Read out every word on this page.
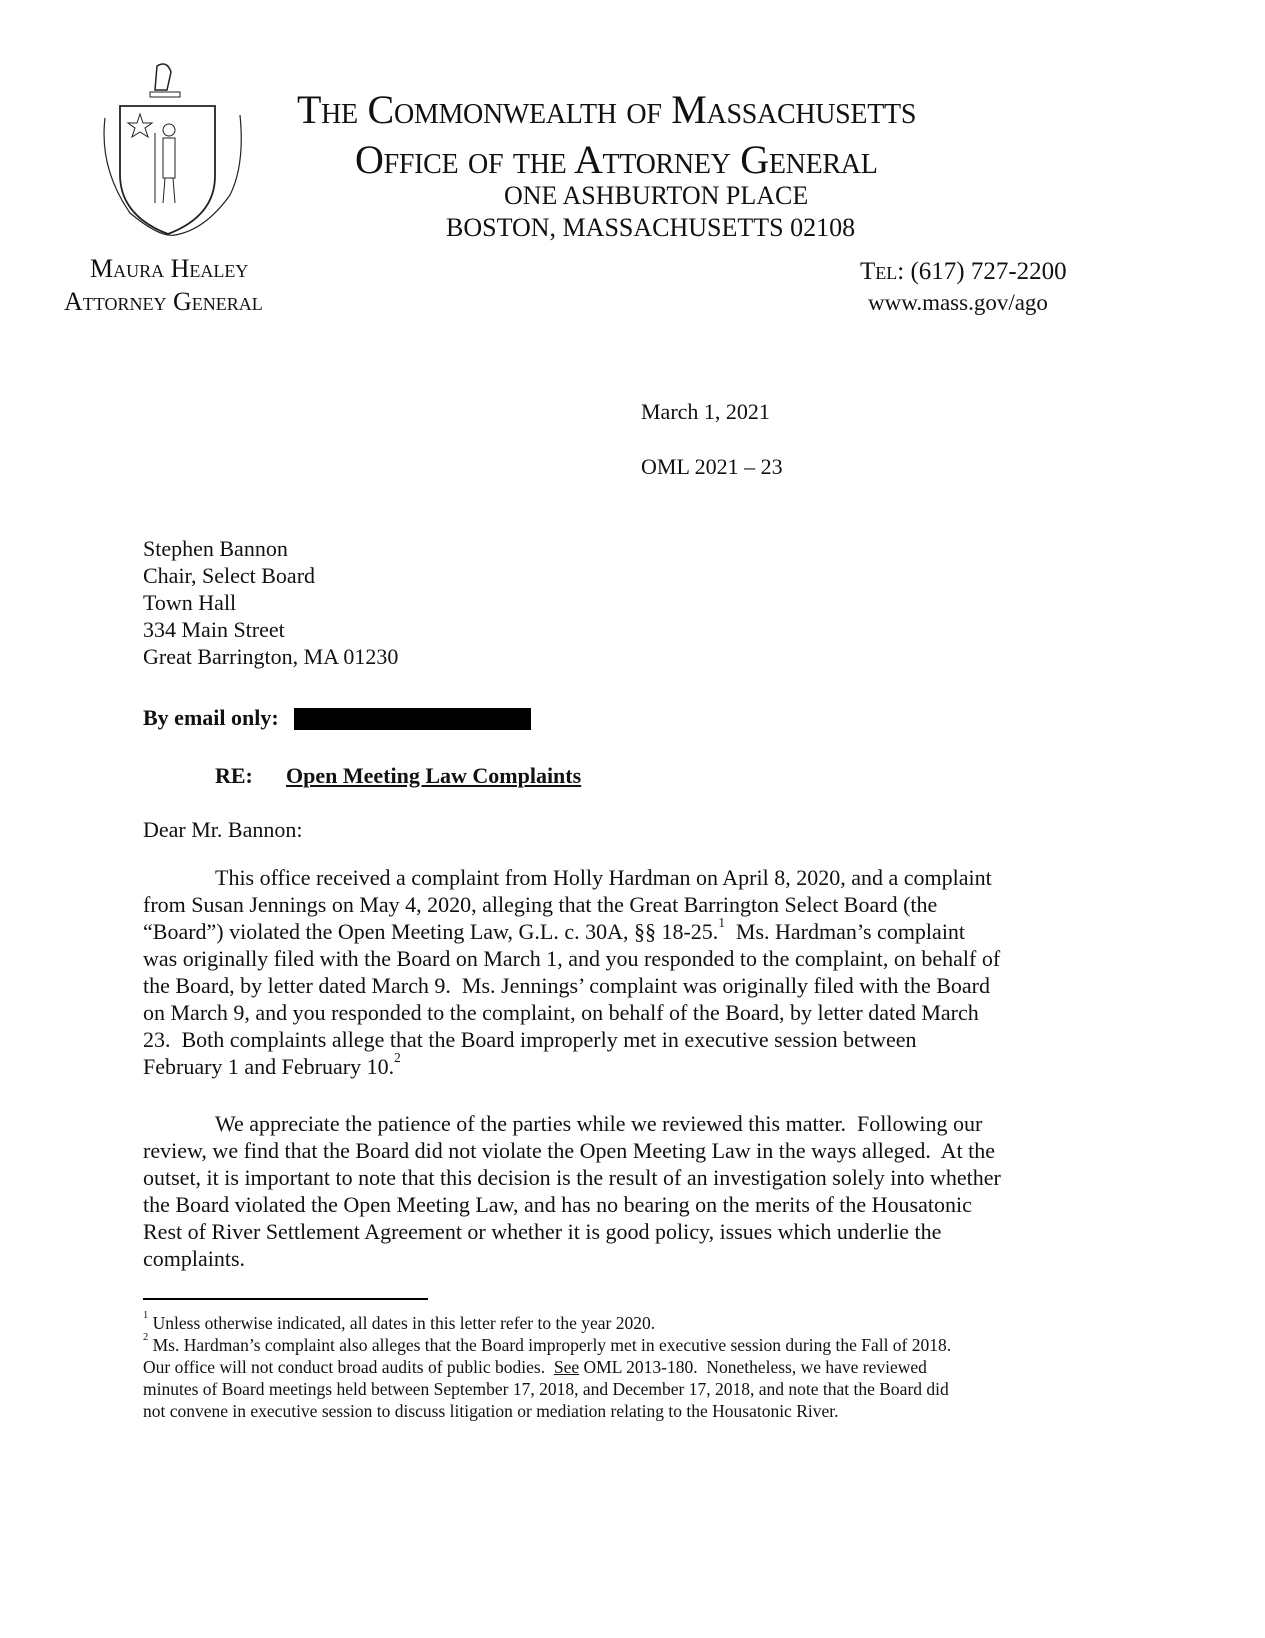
The Commonwealth of Massachusetts
Office of the Attorney General
ONE ASHBURTON PLACE
BOSTON, MASSACHUSETTS 02108
Maura Healey
Attorney General
Tel: (617) 727-2200
www.mass.gov/ago
March 1, 2021
OML 2021 – 23
Stephen Bannon
Chair, Select Board
Town Hall
334 Main Street
Great Barrington, MA 01230
By email only:
RE: Open Meeting Law Complaints
Dear Mr. Bannon:
This office received a complaint from Holly Hardman on April 8, 2020, and a complaint
from Susan Jennings on May 4, 2020, alleging that the Great Barrington Select Board (the
“Board”) violated the Open Meeting Law, G.L. c. 30A, §§ 18-25.$^1$  Ms. Hardman’s complaint
was originally filed with the Board on March 1, and you responded to the complaint, on behalf of
the Board, by letter dated March 9.  Ms. Jennings’ complaint was originally filed with the Board
on March 9, and you responded to the complaint, on behalf of the Board, by letter dated March
23.  Both complaints allege that the Board improperly met in executive session between
February 1 and February 10.$^2$
We appreciate the patience of the parties while we reviewed this matter.  Following our
review, we find that the Board did not violate the Open Meeting Law in the ways alleged.  At the
outset, it is important to note that this decision is the result of an investigation solely into whether
the Board violated the Open Meeting Law, and has no bearing on the merits of the Housatonic
Rest of River Settlement Agreement or whether it is good policy, issues which underlie the
complaints.
$^1$ Unless otherwise indicated, all dates in this letter refer to the year 2020.
$^2$ Ms. Hardman’s complaint also alleges that the Board improperly met in executive session during the Fall of 2018.
Our office will not conduct broad audits of public bodies.  See OML 2013-180.  Nonetheless, we have reviewed
minutes of Board meetings held between September 17, 2018, and December 17, 2018, and note that the Board did
not convene in executive session to discuss litigation or mediation relating to the Housatonic River.
